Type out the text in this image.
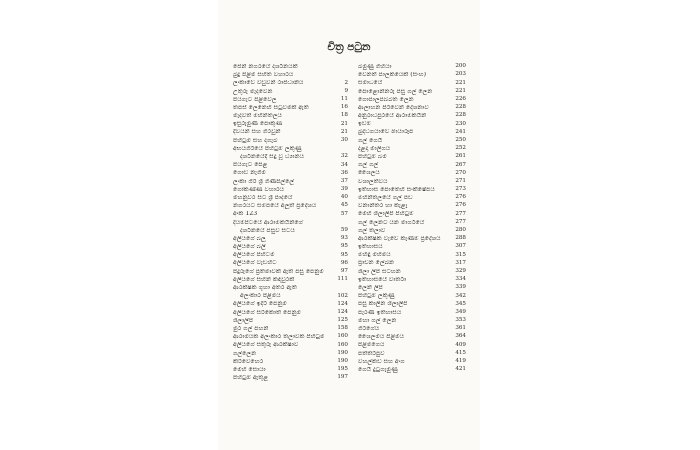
චිත්‍ර පටුන
ජෙන් නගරයේ දර්ශනයක්
බුදු පිළිම සහිත විහාරය
ලංකාවේ වඩුවන් රාජධානිය	2
උතුරු මැදවෙන	9
පියගැට පිළිවෙල	11
තපස් ලෙනෙහි සිටුවමක් ඇති	16
මැදවත් මිහින්තලය	18
ඉසුරුමුණි පොකුණ	21
දිවියන් සහ ගිරවුන්	21
පිහිටුම සහ දගැබ	30
අභයගිරියේ පිහිටුම් ලකුණු
දර්ශනයේදී සිදු වූ ධ්‍යානය	32
පියගැට පෙළ	34
ගොඩ නැගිම	36
ලංකා ගිරි ශ්‍රී ගිණිපිල්ලේ	37
ගෝකණ්ණ විහාරය	39
මහනුවර සිට ශ්‍රී පාදයේ	40
නගරයට සමීපයේ අලුත් ප්‍රදේශය	45
අංක 123	57
දියම්පිටියේ ආරාමිකයින්ගේ
දර්ශනයේ පසුව සිටිය	59
අලියගේ බිලු	93
අලියගේ බිලි	95
අලියගේ පිහිටීම	95
අලියගේ වැඩිහිටි	96
පිදුරුගේ ප්‍රතිමාවක් ඇති පසු පෙනුම	97
අලියගේ සිහින් කඳවුරක්	111
ආරක්ෂක ගුහා අතර ඇති
අලංකාර පිළිමය	102
අලියගේ ඉදිරි පෙනුම	124
අලියගේ සිරිකොත් පෙනුම	124
ශිලාලිපි	125
මුර ගල් පහන්	158
ආරාමයක අලංකාර තලාවක පිහිටුම	160
අලියගේ සතුරු ආරක්ෂාව	160
ගල්ලෙන	190
කිරිවෙහෙර	190
මෙහි සොයා	195
පිහිටුම් ඇතුළ	197
බමුණු ගිහියා	200
වෙනත් පාලකයෙක් (සිංහ)	203
සමාධියේ	221
පොළොන්නරු පසු ගල් ලෙන	221
ගොපාලපබ්බත ලෙන	226
ආලාහන පිරිවෙන් දේශනාව	228
අනුරාධපුරයේ ආරාමිකයින්	228
ඉඩම්	230
බුද්ධගයාවේ ඡායාරූප	241
ගල් ගෙයි	250
දළදා මාලිගය	252
පිහිටුම් බිම	261
ගල් ගල්	267
ශෛලය	270
විශාලත්වය	271
ඉතිහාස පොතෙහි සංක්ෂේපය	273
මිහින්තලයේ ගල් පඩි	276
වනාන්තර හා කැළෑ	276
මෙහි ශිලාලිපි පිහිටුම්	277
ගල් ලෙනට යන මාර්ගයේ	277
ගල් තලාව	280
ආරක්ෂක වැවේ කැණීම් ප්‍රදේශය	288
ඉතිහාසය	307
මිහිඳු මහිමය	315
ප්‍රාචීන ලේඛන	317
ශිලා ලිපි සටහන	329
ඉතිහාසයේ වාර්තා	334
ලෙන් ලිපි	339
පිහිටුම් ලකුණු	342
පසු කාලීන ශිලාලිපි	345
පැරණි ඉතිහාසය	349
මහා ගල් ලෙන	353
ගිරිගේය	361
ශෛලමය පිළිමය	364
පිළිමගෙය	409
පත්තිරිපුව	415
වහල්කඩ සහ අංග	419
ගෙයි දුටුගැමුණු	421
